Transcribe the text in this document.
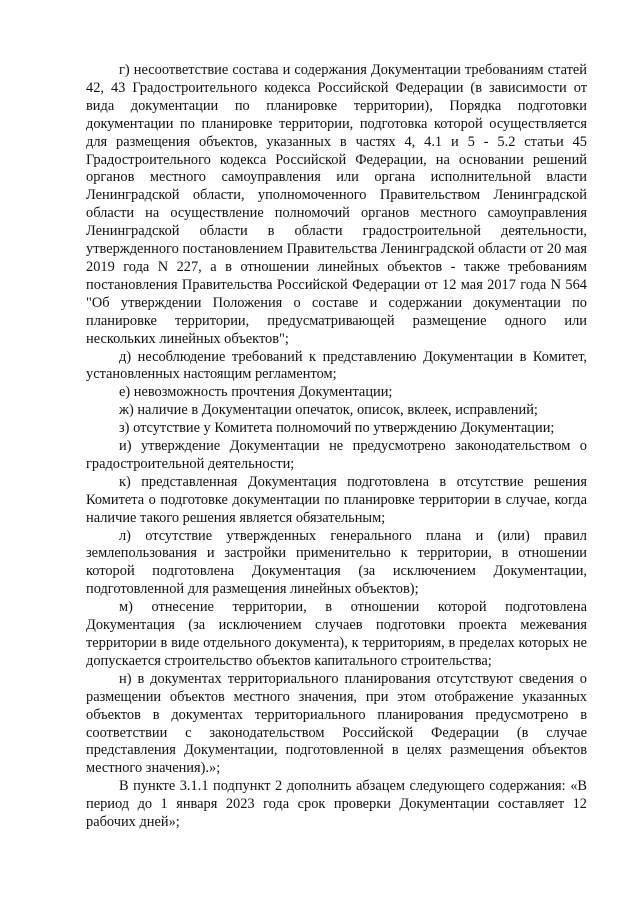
г) несоответствие состава и содержания Документации требованиям статей 42, 43 Градостроительного кодекса Российской Федерации (в зависимости от вида документации по планировке территории), Порядка подготовки документации по планировке территории, подготовка которой осуществляется для размещения объектов, указанных в частях 4, 4.1 и 5 - 5.2 статьи 45 Градостроительного кодекса Российской Федерации, на основании решений органов местного самоуправления или органа исполнительной власти Ленинградской области, уполномоченного Правительством Ленинградской области на осуществление полномочий органов местного самоуправления Ленинградской области в области градостроительной деятельности, утвержденного постановлением Правительства Ленинградской области от 20 мая 2019 года N 227, а в отношении линейных объектов - также требованиям постановления Правительства Российской Федерации от 12 мая 2017 года N 564 "Об утверждении Положения о составе и содержании документации по планировке территории, предусматривающей размещение одного или нескольких линейных объектов";

д) несоблюдение требований к представлению Документации в Комитет, установленных настоящим регламентом;

е) невозможность прочтения Документации;

ж) наличие в Документации опечаток, описок, вклеек, исправлений;

з) отсутствие у Комитета полномочий по утверждению Документации;

и) утверждение Документации не предусмотрено законодательством о градостроительной деятельности;

к) представленная Документация подготовлена в отсутствие решения Комитета о подготовке документации по планировке территории в случае, когда наличие такого решения является обязательным;

л) отсутствие утвержденных генерального плана и (или) правил землепользования и застройки применительно к территории, в отношении которой подготовлена Документация (за исключением Документации, подготовленной для размещения линейных объектов);

м) отнесение территории, в отношении которой подготовлена Документация (за исключением случаев подготовки проекта межевания территории в виде отдельного документа), к территориям, в пределах которых не допускается строительство объектов капитального строительства;

н) в документах территориального планирования отсутствуют сведения о размещении объектов местного значения, при этом отображение указанных объектов в документах территориального планирования предусмотрено в соответствии с законодательством Российской Федерации (в случае представления Документации, подготовленной в целях размещения объектов местного значения).»;

В пункте 3.1.1 подпункт 2 дополнить абзацем следующего содержания: «В период до 1 января 2023 года срок проверки Документации составляет 12 рабочих дней»;
